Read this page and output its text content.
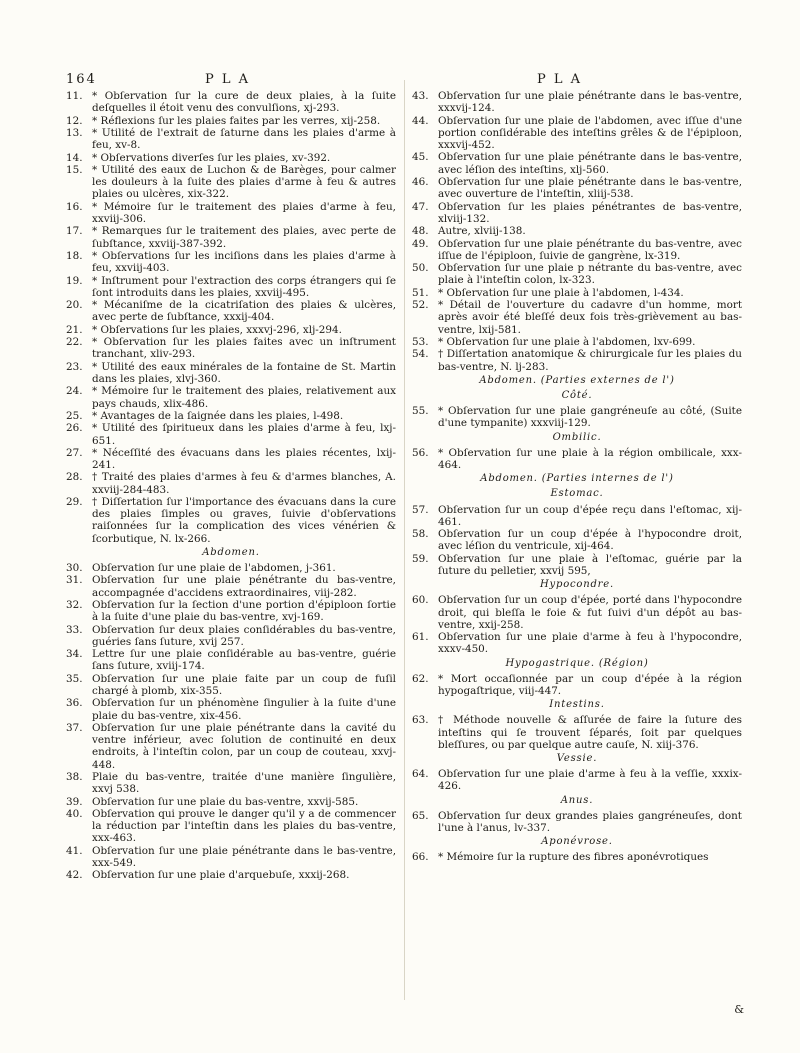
164	P L A	P L A
11. * Obſervation ſur la cure de deux plaies, à la ſuite deſquelles il étoit venu des convulſions, xj-293.
12. * Réflexions ſur les plaies faites par les verres, xij-258.
13. * Utilité de l'extrait de ſaturne dans les plaies d'arme à feu, xv-8.
14. * Obſervations diverſes ſur les plaies, xv-392.
15. * Utilité des eaux de Luchon & de Barèges, pour calmer les douleurs à la ſuite des plaies d'arme à feu & autres plaies ou ulcères, xix-322.
16. * Mémoire ſur le traitement des plaies d'arme à feu, xxviij-306.
17. * Remarques ſur le traitement des plaies, avec perte de ſubſtance, xxviij-387-392.
18. * Obſervations ſur les inciſions dans les plaies d'arme à feu, xxviij-403.
19. * Inſtrument pour l'extraction des corps étrangers qui ſe ſont introduits dans les plaies, xxviij-495.
20. * Mécaniſme de la cicatriſation des plaies & ulcères, avec perte de ſubſtance, xxxij-404.
21. * Obſervations ſur les plaies, xxxvj-296, xlj-294.
22. * Obſervation ſur les plaies faites avec un inſtrument tranchant, xliv-293.
23. * Utilité des eaux minérales de la fontaine de St. Martin dans les plaies, xlvj-360.
24. * Mémoire ſur le traitement des plaies, relativement aux pays chauds, xlix-486.
25. * Avantages de la ſaignée dans les plaies, l-498.
26. * Utilité des ſpiritueux dans les plaies d'arme à feu, lxj-651.
27. * Néceſſité des évacuans dans les plaies récentes, lxij-241.
28. † Traité des plaies d'armes à feu & d'armes blanches, A. xxviij-284-483.
29. † Diſſertation ſur l'importance des évacuans dans la cure des plaies ſimples ou graves, ſuivie d'obſervations raiſonnées ſur la complication des vices vénérien & ſcorbutique, N. lx-266.
Abdomen.
30. Obſervation ſur une plaie de l'abdomen, j-361.
31. Obſervation ſur une plaie pénétrante du bas-ventre, accompagnée d'accidens extraordinaires, viij-282.
32. Obſervation ſur la ſection d'une portion d'épiploon ſortie à la ſuite d'une plaie du bas-ventre, xvj-169.
33. Obſervation ſur deux plaies conſidérables du bas-ventre, guéries ſans ſuture, xvij 257.
34. Lettre ſur une plaie conſidérable au bas-ventre, guérie ſans ſuture, xviij-174.
35. Obſervation ſur une plaie faite par un coup de fuſil chargé à plomb, xix-355.
36. Obſervation ſur un phénomène ſingulier à la ſuite d'une plaie du bas-ventre, xix-456.
37. Obſervation ſur une plaie pénétrante dans la cavité du ventre inférieur, avec ſolution de continuité en deux endroits, à l'inteſtin colon, par un coup de couteau, xxvj-448.
38. Plaie du bas-ventre, traitée d'une manière ſingulière, xxvj 538.
39. Obſervation ſur une plaie du bas-ventre, xxvij-585.
40. Obſervation qui prouve le danger qu'il y a de commencer la réduction par l'inteſtin dans les plaies du bas-ventre, xxx-463.
41. Obſervation ſur une plaie pénétrante dans le bas-ventre, xxx-549.
42. Obſervation ſur une plaie d'arquebuſe, xxxij-268.
43. Obſervation ſur une plaie pénétrante dans le bas-ventre, xxxvij-124.
44. Obſervation ſur une plaie de l'abdomen, avec iſſue d'une portion conſidérable des inteſtins grêles & de l'épiploon, xxxvij-452.
45. Obſervation ſur une plaie pénétrante dans le bas-ventre, avec léſion des inteſtins, xlj-560.
46. Obſervation ſur une plaie pénétrante dans le bas-ventre, avec ouverture de l'inteſtin, xliij-538.
47. Obſervation ſur les plaies pénétrantes de bas-ventre, xlviij-132.
48. Autre, xlviij-138.
49. Obſervation ſur une plaie pénétrante du bas-ventre, avec iſſue de l'épiploon, ſuivie de gangrène, lx-319.
50. Obſervation ſur une plaie p nétrante du bas-ventre, avec plaie à l'inteſtin colon, lx-323.
51. * Obſervation ſur une plaie à l'abdomen, l-434.
52. * Détail de l'ouverture du cadavre d'un homme, mort après avoir été bleſſé deux fois très-grièvement au bas-ventre, lxij-581.
53. * Obſervation ſur une plaie à l'abdomen, lxv-699.
54. † Diſſertation anatomique & chirurgicale ſur les plaies du bas-ventre, N. lj-283.
Abdomen. (Parties externes de l')
Côté.
55. * Obſervation ſur une plaie gangréneuſe au côté, (Suite d'une tympanite) xxxviij-129.
Ombilic.
56. * Obſervation ſur une plaie à la région ombilicale, xxx-464.
Abdomen. (Parties internes de l')
Estomac.
57. Obſervation ſur un coup d'épée reçu dans l'eſtomac, xij-461.
58. Obſervation ſur un coup d'épée à l'hypocondre droit, avec léſion du ventricule, xij-464.
59. Obſervation ſur une plaie à l'eſtomac, guérie par la ſuture du pelletier, xxvij 595,
Hypocondre.
60. Obſervation ſur un coup d'épée, porté dans l'hypocondre droit, qui bleſſa le foie & fut ſuivi d'un dépôt au bas-ventre, xxij-258.
61. Obſervation ſur une plaie d'arme à feu à l'hypocondre, xxxv-450.
Hypogastrique. (Région)
62. * Mort occaſionnée par un coup d'épée à la région hypogaſtrique, viij-447.
Intestins.
63. † Méthode nouvelle & aſſurée de faire la ſuture des inteſtins qui ſe trouvent ſéparés, ſoit par quelques bleſſures, ou par quelque autre cauſe, N. xiij-376.
Vessie.
64. Obſervation ſur une plaie d'arme à feu à la veſſie, xxxix-426.
Anus.
65. Obſervation ſur deux grandes plaies gangréneuſes, dont l'une à l'anus, lv-337.
Aponévrose.
66. * Mémoire ſur la rupture des fibres aponévrotiques
&
